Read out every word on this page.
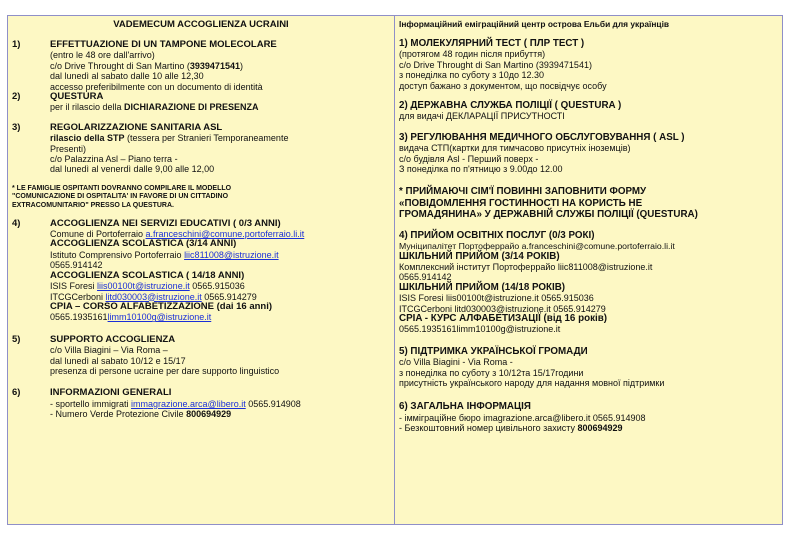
VADEMECUM ACCOGLIENZA UCRAINI
1)	EFFETTUAZIONE DI UN TAMPONE MOLECOLARE
(entro le 48 ore dall'arrivo)
c/o Drive Throught di San Martino (3939471541)
dal lunedì al sabato dalle 10 alle 12,30
accesso preferibilmente con un documento di identità
2)	QUESTURA
per il rilascio della DICHIARAZIONE DI PRESENZA
3)	REGOLARIZZAZIONE SANITARIA ASL
rilascio della STP (tessera per Stranieri Temporaneamente
Presenti)
c/o Palazzina Asl – Piano terra -
dal lunedì al venerdì dalle 9,00 alle 12,00
* LE FAMIGLIE OSPITANTI DOVRANNO COMPILARE IL MODELLO
"COMUNICAZIONE DI OSPITALITA' IN FAVORE DI UN CITTADINO
EXTRACOMUNITARIO" PRESSO LA QUESTURA.
4)	ACCOGLIENZA NEI SERVIZI EDUCATIVI ( 0/3 ANNI)
Comune di Portoferraio a.franceschini@comune.portoferraio.li.it
ACCOGLIENZA SCOLASTICA (3/14 ANNI)
Istituto Comprensivo Portoferraio liic811008@istruzione.it
0565.914142
ACCOGLIENZA SCOLASTICA ( 14/18 ANNI)
ISIS Foresi liis00100t@istruzione.it 0565.915036
ITCGCerboni litd030003@istruzione.it 0565.914279
CPIA – CORSO ALFABETIZZAZIONE (dai 16 anni)
0565.1935161limm10100g@istruzione.it
5)	SUPPORTO ACCOGLIENZA
c/o Villa Biagini – Via Roma –
dal lunedì al sabato 10/12 e 15/17
presenza di persone ucraine per dare supporto linguistico
6)	INFORMAZIONI GENERALI
- sportello immigrati immagrazione.arca@libero.it 0565.914908
- Numero Verde Protezione Civile 800694929
Інформаційний еміграційний центр острова Ельби для українців
1) МОЛЕКУЛЯРНИЙ ТЕСТ ( ПЛР ТЕСТ )
(протягом 48 годин після прибуття)
c/o Drive Throught di San Martino (3939471541)
з понеділка по суботу з 10до 12.30
доступ бажано з документом, що посвідчує особу
2) ДЕРЖАВНА СЛУЖБА ПОЛІЦІЇ ( QUESTURA )
для видачі ДЕКЛАРАЦІЇ ПРИСУТНОСТІ
3) РЕГУЛЮВАННЯ МЕДИЧНОГО ОБСЛУГОВУВАННЯ ( ASL )
видача СТП(картки для тимчасово присутніх іноземців)
с/о будівля Asl - Перший поверх -
З понеділка по п'ятницю з 9.00до 12.00
* ПРИЙМАЮЧІ СІМ'Ї ПОВИННІ ЗАПОВНИТИ ФОРМУ
«ПОВІДОМЛЕННЯ ГОСТИННОСТІ НА КОРИСТЬ НЕ
ГРОМАДЯНИНА» У ДЕРЖАВНІЙ СЛУЖБІ ПОЛІЦІЇ (QUESTURA)
4) ПРИЙОМ ОСВІТНІХ ПОСЛУГ (0/3 РОКІ)
Муніципалітет Портоферрайо a.franceschini@comune.portoferraio.li.it
ШКІЛЬНИЙ ПРИЙОМ (3/14 РОКІВ)
Комплексний інститут Портоферрайо liic811008@istruzione.it
0565.914142
ШКІЛЬНИЙ ПРИЙОМ (14/18 РОКІВ)
ISIS Foresi liis00100t@istruzione.it 0565.915036
ITCGCerboni litd030003@istruzione.it 0565.914279
CPIA - КУРС АЛФАБЕТИЗАЦІЇ (від 16 років)
0565.1935161limm10100g@istruzione.it
5) ПІДТРИМКА УКРАЇНСЬКОЇ ГРОМАДИ
c/o Villa Biagini - Via Roma -
з понеділка по суботу з 10/12та 15/17години
присутність українського народу для надання мовної підтримки
6) ЗАГАЛЬНА ІНФОРМАЦІЯ
- імміграційне бюро imagrazione.arca@libero.it 0565.914908
- Безкоштовний номер цивільного захисту 800694929
